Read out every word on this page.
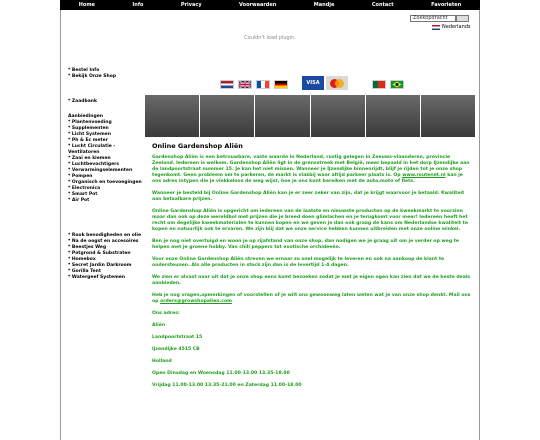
Home	Info	Privacy	Voorwaarden	Mandje	Contact	Favorieten
Zoekopdracht
Nederlands
Couldn't load plugin.
* Bestel Info
* Bekijk Onze Shop
VISA
* Zaadbank
Aanbiedingen
* Plantenvoeding
* Supplementen
* Licht Systemen
* Ph & Ec meter
* Lucht Circulatie - Ventilatoren
* Zaai en kiemen
* Luchtbevochtigers
* Verwarmingselementen
* Pompen
* Organisch en toevoegingen
* Electronica
* Smart Pot
* Air Pot
* Rook benodigheden en olie
* Na de oogst en accesoires
* Beestjes Weg
* Potgrond & Substraten
* Homebox
* Secret Jardin Darkroom
* Gorilla Tent
* Watergeef Systemen
Online Gardenshop Aliën

Gardenshop Aliën is een betrouwbare, vaste waarde in Nederland, rustig gelegen in Zeeuws-vlaanderen, provincie Zeeland. Iedereen is welkom. Gardenshop Aliën ligt in de grensstreek met België, meer bepaald in het dorp IJzendijke aan de landpoortstraat nummer 15. Je kan het niet missen. Wanneer je IJzendijke binnenrijdt, blijf je rijden tot je onze shop tegenkomt. Geen probleem om te parkeren, de markt is vlakbij waar altijd parkeer plaats is. Op www.routenet.nl kan je ons adres intypen die je vlekkeloos de weg wijst, hoe je ons kunt bereiken met de auto,moto of fiets.

Wanneer je besteld bij Online Gardenshop Aliën kan je er zeer zeker van zijn, dat je krijgt waarvoor je betaald. Kwaliteit aan betaalbare prijzen.

Online Gardenshop Aliën is opgericht om iedereen van de laatste en nieuwste producten op de kweekmarkt te voorzien maar dan ook op deze wereldbol met prijzen die je breed doen glimlachen en je terugkomt voor meer! Iedereen heeft het recht om degelijke kweekmaterialen te kunnen kopen en we geven je dan ook graag de kans om Nederlandse kwaliteit te kopen en natuurlijk ook te ervaren. We zijn blij dat we onze service hebben kunnen uitbreiden met onze online winkel.

Ben je nog niet overtuigd en woon je op rijafstand van onze shop, dan nodigen we je graag uit om je verder op weg te helpen met je groene hobby. Van chili peppers tot exotische orchideeën.

Voor onze Online Gardenshop Aliën streven we ernaar zo snel mogelijk te leveren en ook na aankoop de klant te ondersteunen. Als alle producten in stock zijn dan is de levertijd 1-4 dagen.

We zien er alvast naar uit dat je onze shop eens komt bezoeken zodat je met je eigen ogen kan zien dat we de beste deals aanbieden.

Heb je nog vragen,opmerkingen of voorstellen of je wilt ons gewoonweg laten weten wat je van onze shop denkt. Mail ons op orders@growshopalien.com

Ons adres:

Aliën

Landpoortstraat 15

Ijzendijke 4515 CB

Holland

Open Dinsdag en Woensdag 11.00-13.00 13.35-18.00

Vrijdag 11.00-13.00 13.35-21.00 en Zaterdag 11.00-18.00
